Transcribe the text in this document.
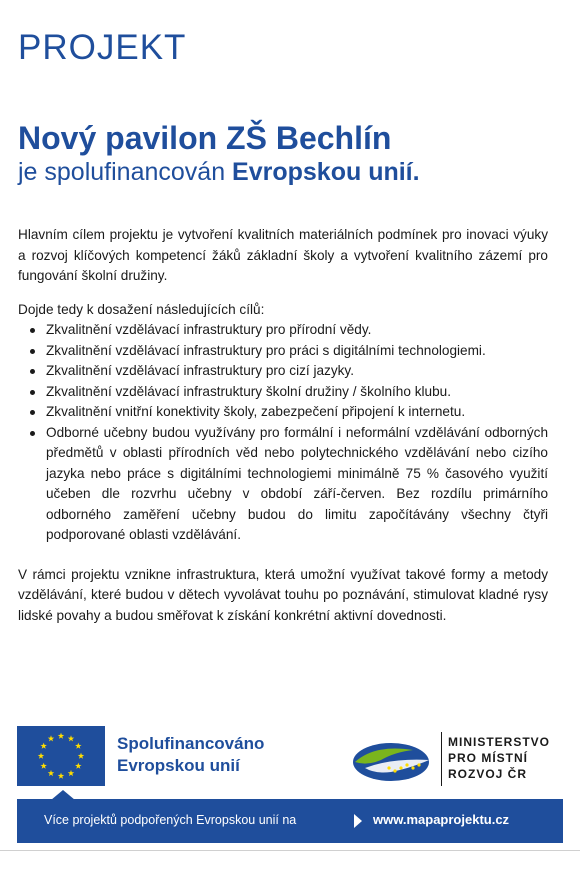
PROJEKT
Nový pavilon ZŠ Bechlín
je spolufinancován Evropskou unií.

Hlavním cílem projektu je vytvoření kvalitních materiálních podmínek pro inovaci výuky a rozvoj klíčových kompetencí žáků základní školy a vytvoření kvalitního zázemí pro fungování školní družiny.

Dojde tedy k dosažení následujících cílů:

Zkvalitnění vzdělávací infrastruktury pro přírodní vědy.
Zkvalitnění vzdělávací infrastruktury pro práci s digitálními technologiemi.
Zkvalitnění vzdělávací infrastruktury pro cizí jazyky.
Zkvalitnění vzdělávací infrastruktury školní družiny / školního klubu.
Zkvalitnění vnitřní konektivity školy, zabezpečení připojení k internetu.
Odborné učebny budou využívány pro formální i neformální vzdělávání odborných předmětů v oblasti přírodních věd nebo polytechnického vzdělávání nebo cizího jazyka nebo práce s digitálními technologiemi minimálně 75 % časového využití učeben dle rozvrhu učebny v období září-červen. Bez rozdílu primárního odborného zaměření učebny budou do limitu započítávány všechny čtyři podporované oblasti vzdělávání.

V rámci projektu vznikne infrastruktura, která umožní využívat takové formy a metody vzdělávání, které budou v dětech vyvolávat touhu po poznávání, stimulovat kladné rysy lidské povahy a budou směřovat k získání konkrétní aktivní dovednosti.

Spolufinancováno
Evropskou unií
MINISTERSTVO
PRO MÍSTNÍ
ROZVOJ ČR
Více projektů podpořených Evropskou unií na	www.mapaprojektu.cz
